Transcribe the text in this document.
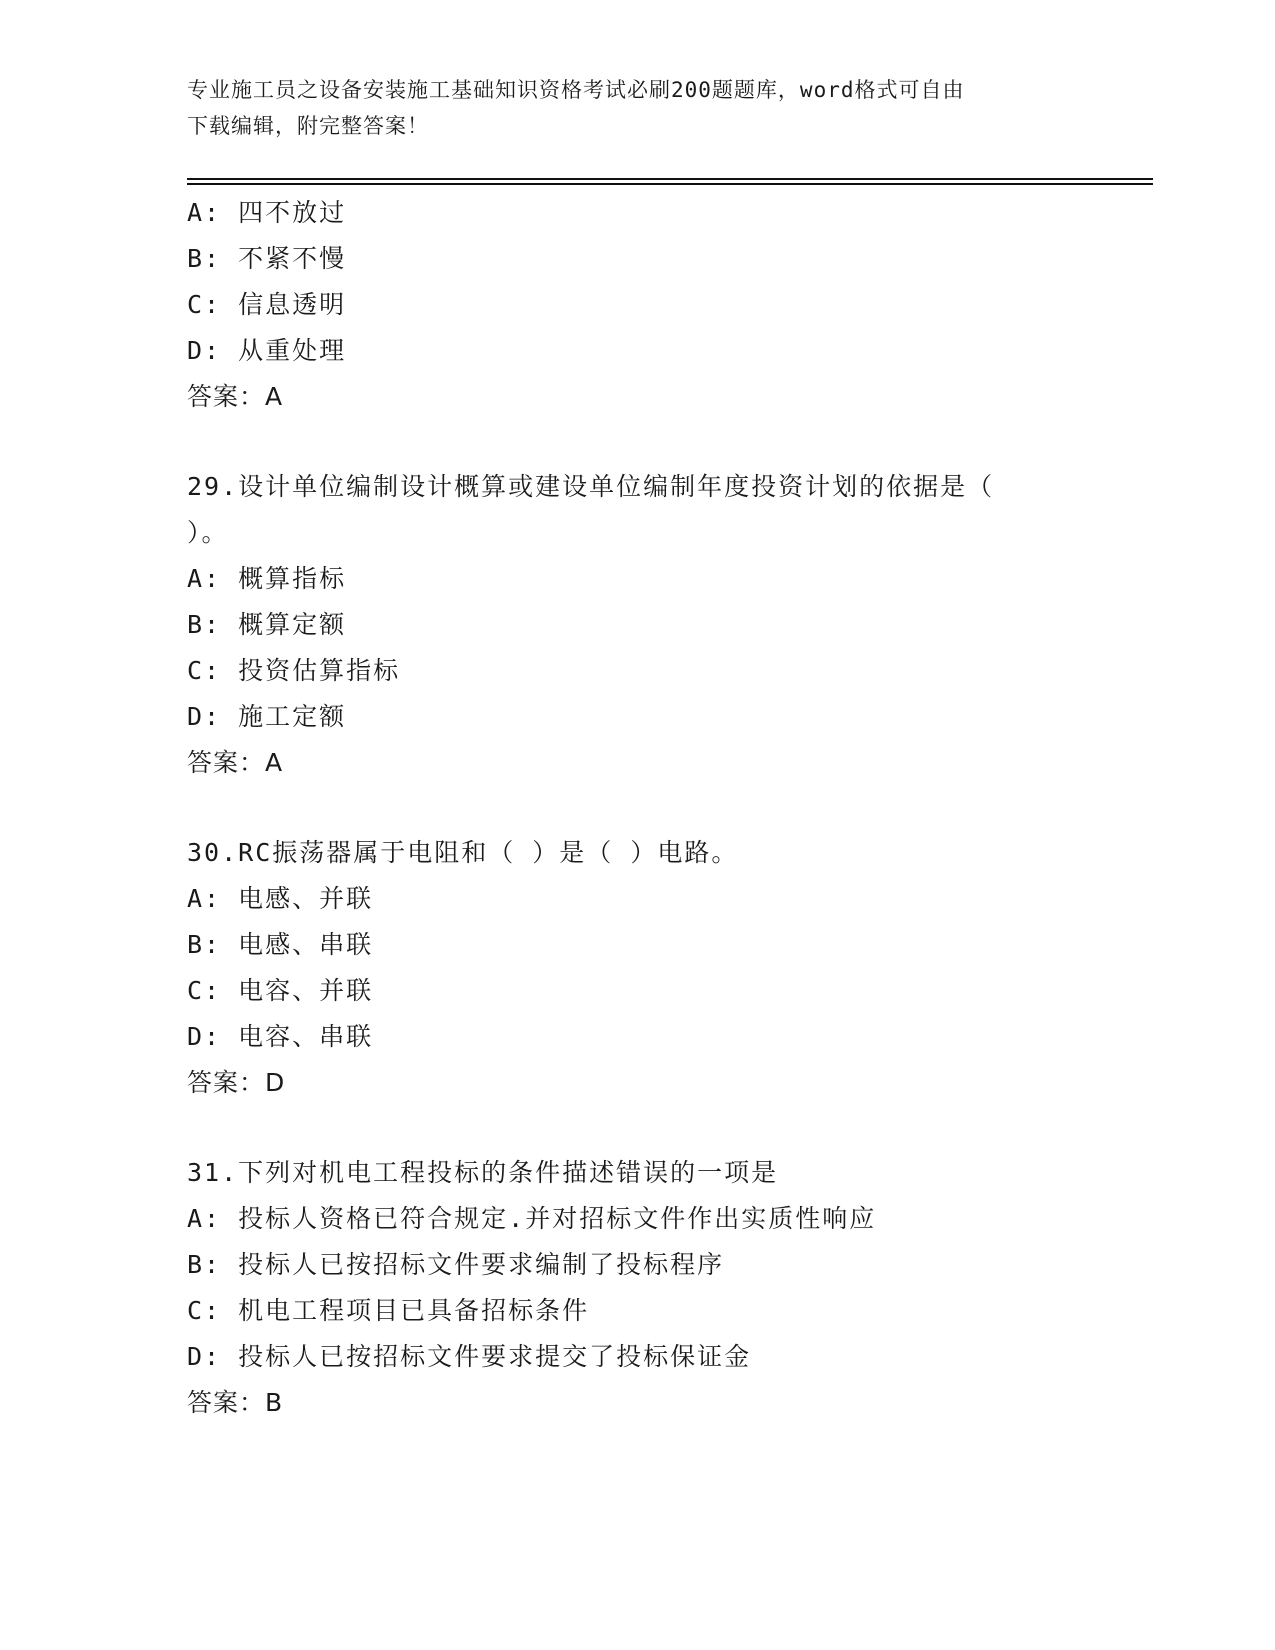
专业施工员之设备安装施工基础知识资格考试必刷200题题库，word格式可自由
下载编辑，附完整答案！
A: 四不放过
B: 不紧不慢
C: 信息透明
D: 从重处理
答案：A
29.设计单位编制设计概算或建设单位编制年度投资计划的依据是（
）。
A: 概算指标
B: 概算定额
C: 投资估算指标
D: 施工定额
答案：A
30.RC振荡器属于电阻和（ ）是（ ）电路。
A: 电感、并联
B: 电感、串联
C: 电容、并联
D: 电容、串联
答案：D
31.下列对机电工程投标的条件描述错误的一项是
A: 投标人资格已符合规定.并对招标文件作出实质性响应
B: 投标人已按招标文件要求编制了投标程序
C: 机电工程项目已具备招标条件
D: 投标人已按招标文件要求提交了投标保证金
答案：B
